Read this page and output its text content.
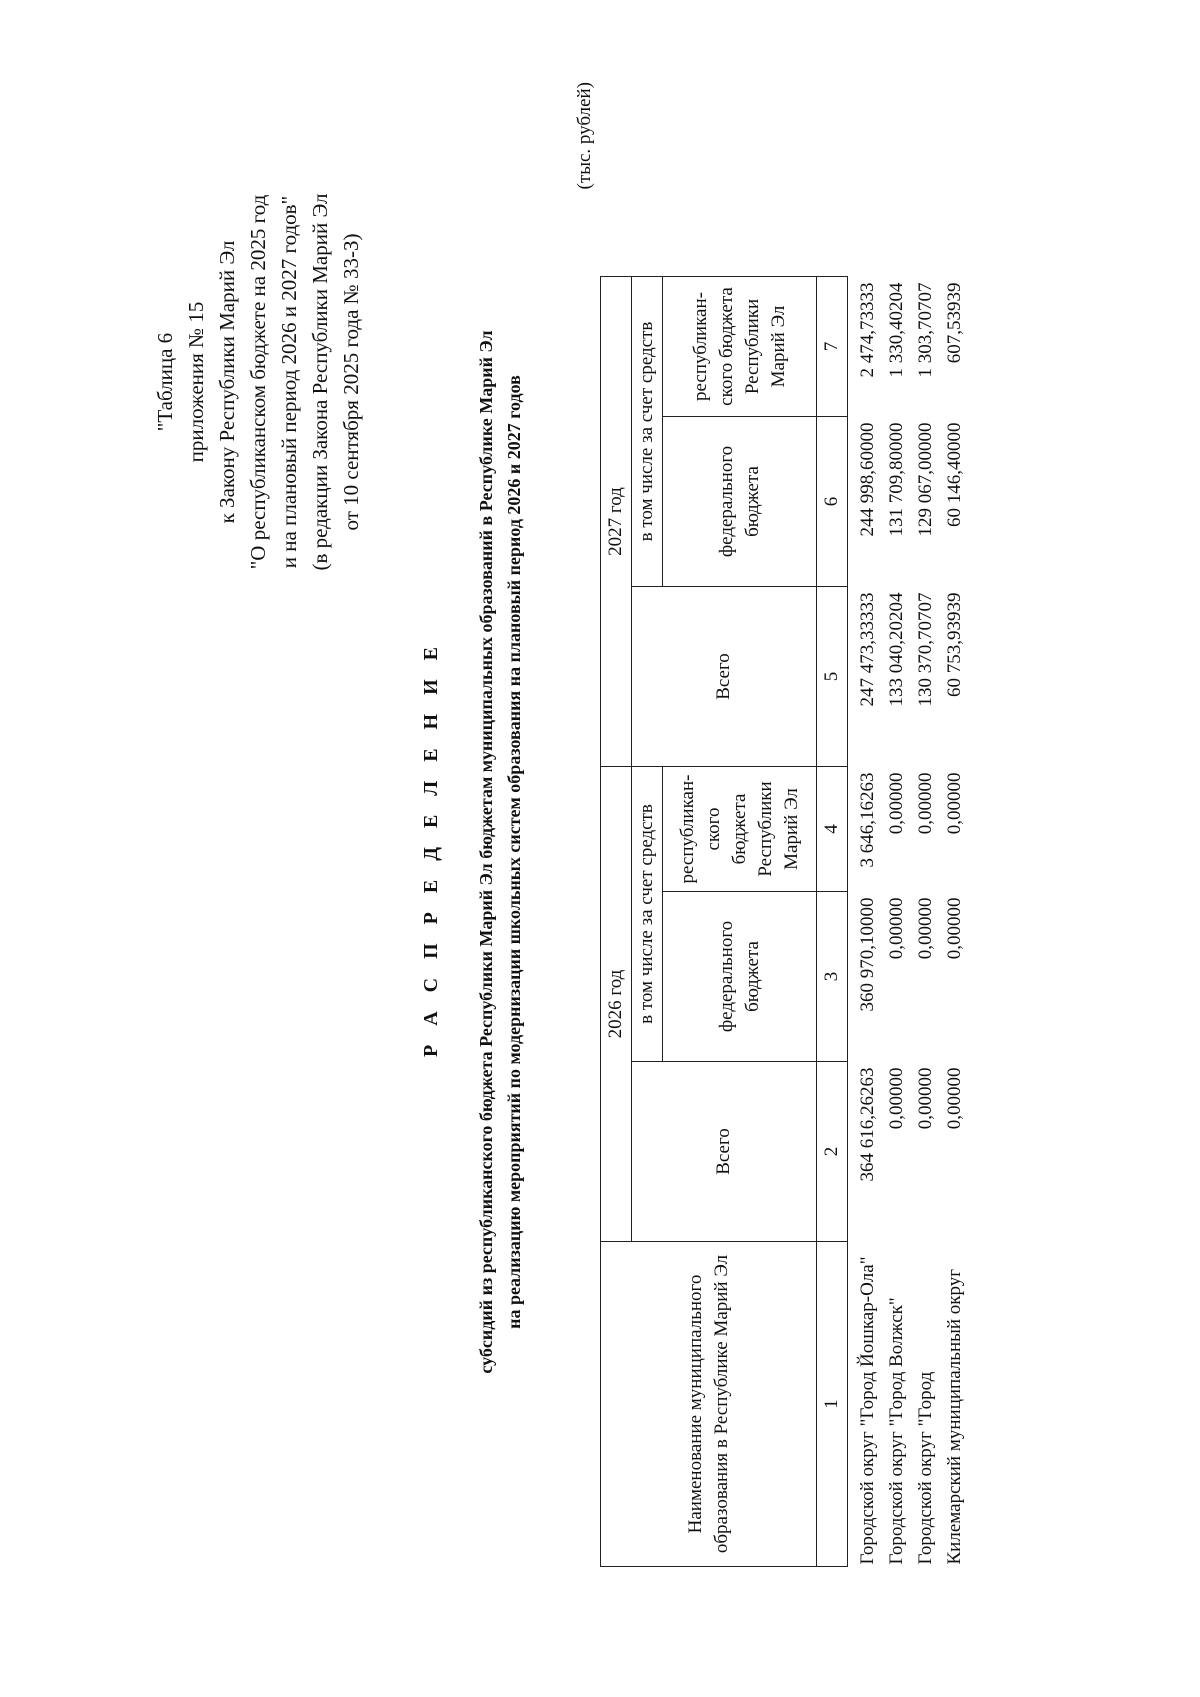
"Таблица 6 приложения № 15 к Закону Республики Марий Эл "О республиканском бюджете на 2025 год и на плановый период 2026 и 2027 годов" (в редакции Закона Республики Марий Эл от 10 сентября 2025 года № 33-З)
Р А С П Р Е Д Е Л Е Н И Е субсидий из республиканского бюджета Республики Марий Эл бюджетам муниципальных образований в Республике Марий Эл на реализацию мероприятий по модернизации школьных систем образования на плановый период 2026 и 2027 годов
(тыс. рублей)
Наименование муниципального образования в Республике Марий Эл	2026 год			2027 год		
	Всего	в том числе за счет средств		Всего	в том числе за счет средств	
		федерального бюджета	республикан-ского бюджета Республики Марий Эл		федерального бюджета	республикан-ского бюджета Республики Марий Эл
1	2	3	4	5	6	7
Городской округ "Город Йошкар-Ола"	364 616,26263	360 970,10000	3 646,16263	247 473,33333	244 998,60000	2 474,73333
Городской округ "Город Волжск"	0,00000	0,00000	0,00000	133 040,20204	131 709,80000	1 330,40204
Городской округ "Город	0,00000	0,00000	0,00000	130 370,70707	129 067,00000	1 303,70707
Килемарский муниципальный округ	0,00000	0,00000	0,00000	60 753,93939	60 146,40000	607,53939
